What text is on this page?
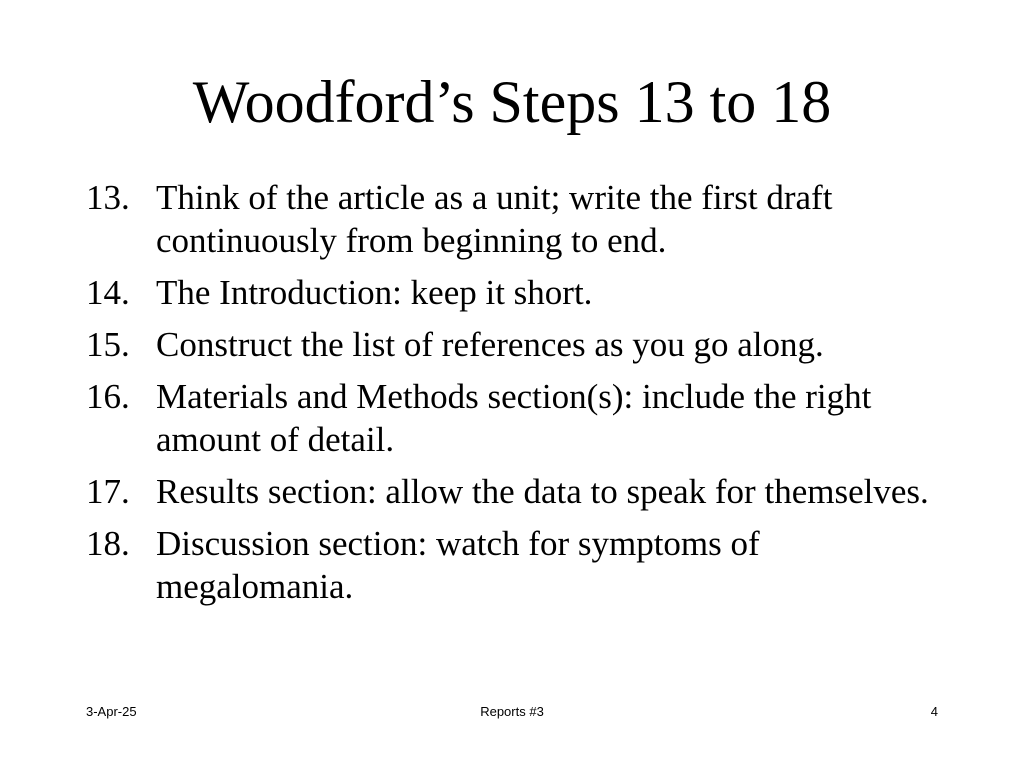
Woodford’s Steps 13 to 18
13. Think of the article as a unit; write the first draft continuously from beginning to end.
14. The Introduction: keep it short.
15. Construct the list of references as you go along.
16. Materials and Methods section(s): include the right amount of detail.
17. Results section: allow the data to speak for themselves.
18. Discussion section: watch for symptoms of megalomania.
3-Apr-25	Reports #3	4
